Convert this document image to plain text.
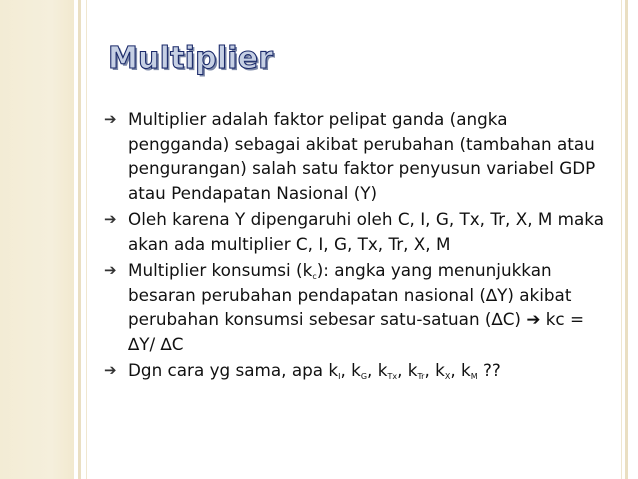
Multiplier
➔ Multiplier adalah faktor pelipat ganda (angka pengganda) sebagai akibat perubahan (tambahan atau pengurangan) salah satu faktor penyusun variabel GDP atau Pendapatan Nasional (Y)
➔ Oleh karena Y dipengaruhi oleh C, I, G, Tx, Tr, X, M maka akan ada multiplier C, I, G, Tx, Tr, X, M
➔ Multiplier konsumsi $(k_c)$: angka yang menunjukkan besaran perubahan pendapatan nasional (∆Y) akibat perubahan konsumsi sebesar satu-satuan (∆C) ➔ kc = ∆Y/ ∆C
➔ Dgn cara yg sama, apa $k_I$, $k_G$, $k_{Tx}$, $k_{Tr}$, $k_X$, $k_M$ ??
